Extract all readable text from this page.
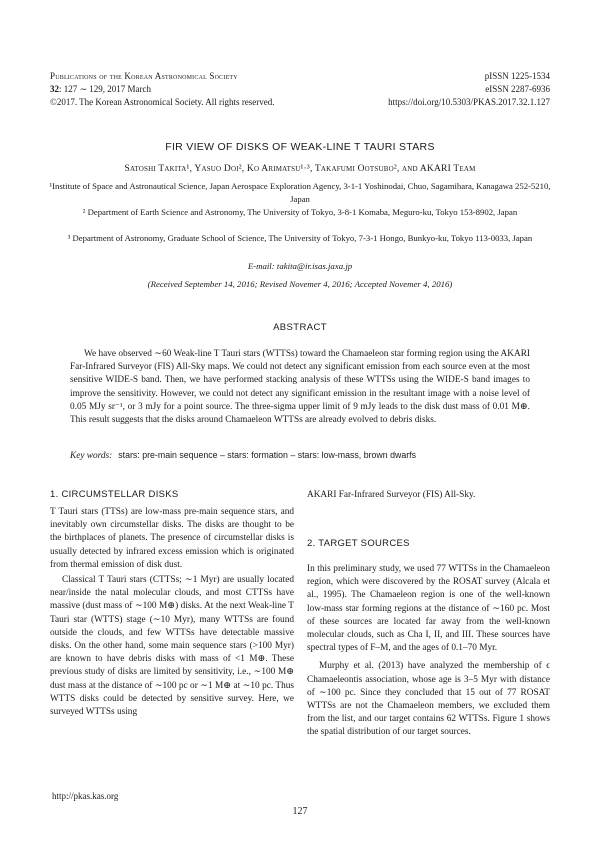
Publications of the Korean Astronomical Society
32: 127 ∼ 129, 2017 March
©2017. The Korean Astronomical Society. All rights reserved.
pISSN 1225-1534
eISSN 2287-6936
https://doi.org/10.5303/PKAS.2017.32.1.127
FIR VIEW OF DISKS OF WEAK-LINE T TAURI STARS
Satoshi Takita¹, Yasuo Doi², Ko Arimatsu¹·³, Takafumi Ootsubo², and AKARI Team
¹Institute of Space and Astronautical Science, Japan Aerospace Exploration Agency, 3-1-1 Yoshinodai, Chuo, Sagamihara, Kanagawa 252-5210, Japan
² Department of Earth Science and Astronomy, The University of Tokyo, 3-8-1 Komaba, Meguro-ku, Tokyo 153-8902, Japan
³ Department of Astronomy, Graduate School of Science, The University of Tokyo, 7-3-1 Hongo, Bunkyo-ku, Tokyo 113-0033, Japan
E-mail: takita@ir.isas.jaxa.jp
(Received September 14, 2016; Revised Novemer 4, 2016; Accepted Novemer 4, 2016)
ABSTRACT
We have observed ∼60 Weak-line T Tauri stars (WTTSs) toward the Chamaeleon star forming region using the AKARI Far-Infrared Surveyor (FIS) All-Sky maps. We could not detect any significant emission from each source even at the most sensitive WIDE-S band. Then, we have performed stacking analysis of these WTTSs using the WIDE-S band images to improve the sensitivity. However, we could not detect any significant emission in the resultant image with a noise level of 0.05 MJy sr⁻¹, or 3 mJy for a point source. The three-sigma upper limit of 9 mJy leads to the disk dust mass of 0.01 M⊕. This result suggests that the disks around Chamaeleon WTTSs are already evolved to debris disks.
Key words: stars: pre-main sequence – stars: formation – stars: low-mass, brown dwarfs
1. CIRCUMSTELLAR DISKS

T Tauri stars (TTSs) are low-mass pre-main sequence stars, and inevitably own circumstellar disks. The disks are thought to be the birthplaces of planets. The presence of circumstellar disks is usually detected by infrared excess emission which is originated from thermal emission of disk dust.

Classical T Tauri stars (CTTSs; ∼1 Myr) are usually located near/inside the natal molecular clouds, and most CTTSs have massive (dust mass of ∼100 M⊕) disks. At the next Weak-line T Tauri star (WTTS) stage (∼10 Myr), many WTTSs are found outside the clouds, and few WTTSs have detectable massive disks. On the other hand, some main sequence stars (>100 Myr) are known to have debris disks with mass of <1 M⊕. These previous study of disks are limited by sensitivity, i.e., ∼100 M⊕ dust mass at the distance of ∼100 pc or ∼1 M⊕ at ∼10 pc. Thus WTTS disks could be detected by sensitive survey. Here, we surveyed WTTSs using

AKARI Far-Infrared Surveyor (FIS) All-Sky.

2. TARGET SOURCES

In this preliminary study, we used 77 WTTSs in the Chamaeleon region, which were discovered by the ROSAT survey (Alcala et al., 1995). The Chamaeleon region is one of the well-known low-mass star forming regions at the distance of ∼160 pc. Most of these sources are located far away from the well-known molecular clouds, such as Cha I, II, and III. These sources have spectral types of F–M, and the ages of 0.1–70 Myr.

Murphy et al. (2013) have analyzed the membership of ϵ Chamaeleontis association, whose age is 3–5 Myr with distance of ∼100 pc. Since they concluded that 15 out of 77 ROSAT WTTSs are not the Chamaeleon members, we excluded them from the list, and our target contains 62 WTTSs. Figure 1 shows the spatial distribution of our target sources.

http://pkas.kas.org
127
